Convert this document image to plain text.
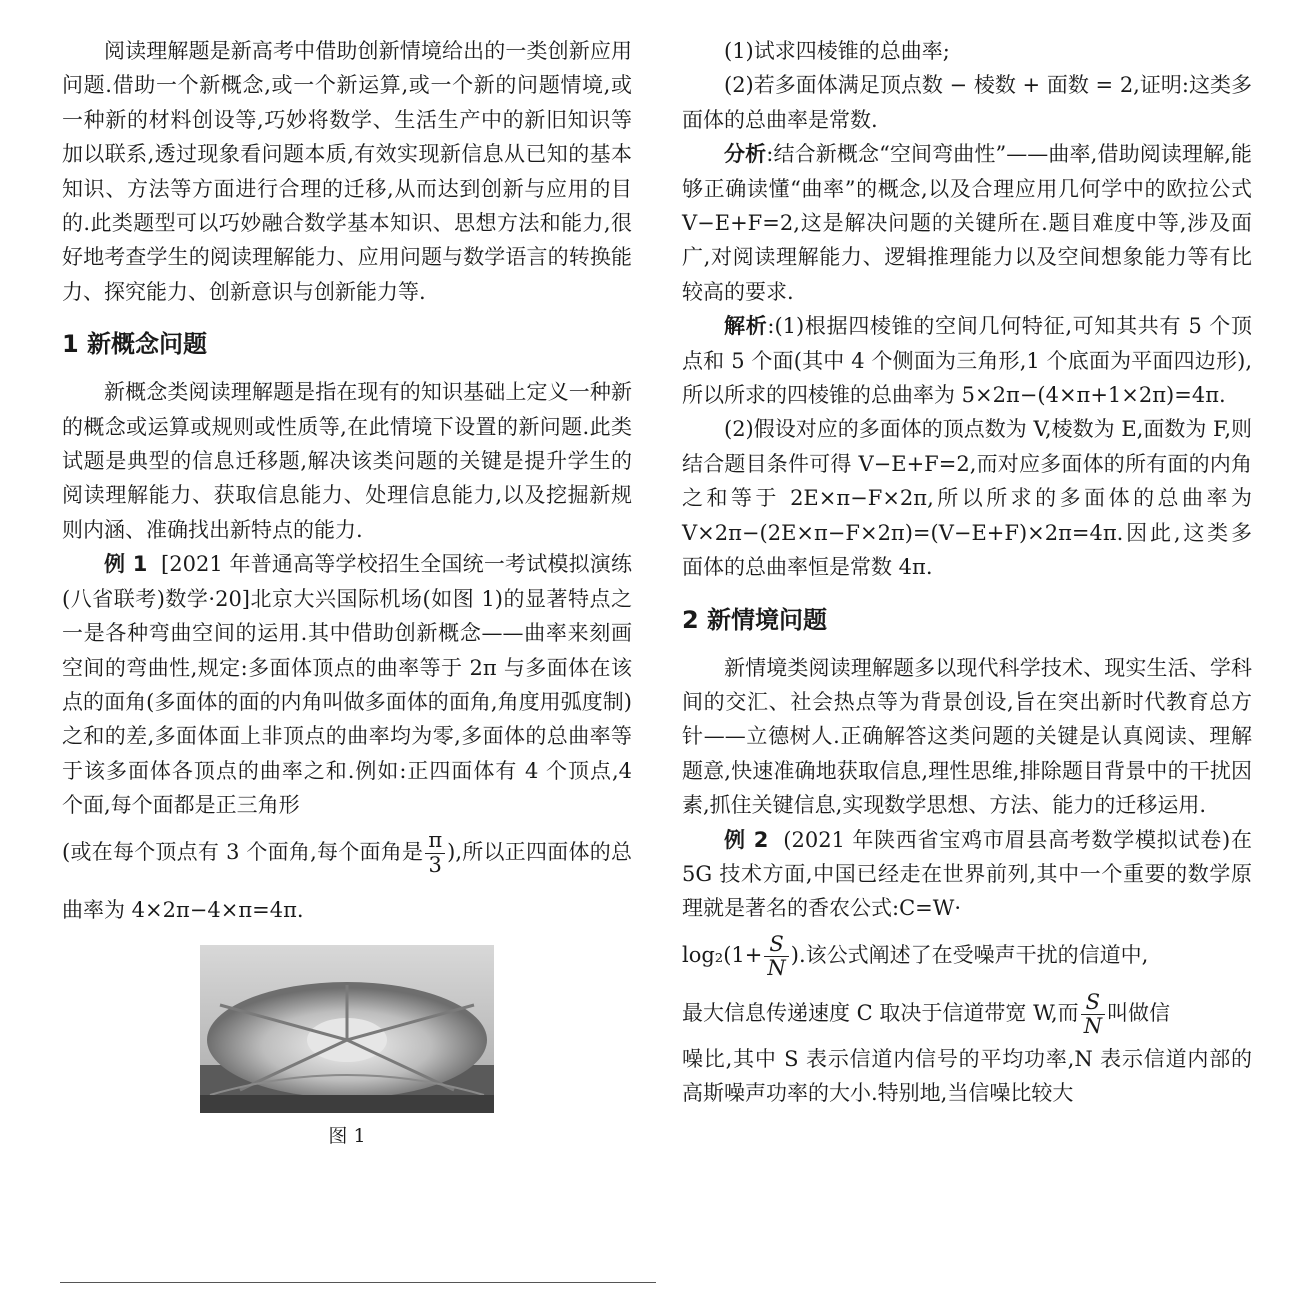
阅读理解题是新高考中借助创新情境给出的一类创新应用问题.借助一个新概念,或一个新运算,或一个新的问题情境,或一种新的材料创设等,巧妙将数学、生活生产中的新旧知识等加以联系,透过现象看问题本质,有效实现新信息从已知的基本知识、方法等方面进行合理的迁移,从而达到创新与应用的目的.此类题型可以巧妙融合数学基本知识、思想方法和能力,很好地考查学生的阅读理解能力、应用问题与数学语言的转换能力、探究能力、创新意识与创新能力等.

1 新概念问题

新概念类阅读理解题是指在现有的知识基础上定义一种新的概念或运算或规则或性质等,在此情境下设置的新问题.此类试题是典型的信息迁移题,解决该类问题的关键是提升学生的阅读理解能力、获取信息能力、处理信息能力,以及挖掘新规则内涵、准确找出新特点的能力.

例 1 [2021 年普通高等学校招生全国统一考试模拟演练(八省联考)数学·20]北京大兴国际机场(如图 1)的显著特点之一是各种弯曲空间的运用.其中借助创新概念——曲率来刻画空间的弯曲性,规定:多面体顶点的曲率等于 2π 与多面体在该点的面角(多面体的面的内角叫做多面体的面角,角度用弧度制)之和的差,多面体面上非顶点的曲率均为零,多面体的总曲率等于该多面体各顶点的曲率之和.例如:正四面体有 4 个顶点,4 个面,每个面都是正三角形

(或在每个顶点有 3 个面角,每个面角是 $\frac{\pi}{3}$ ),所以正四面体的总曲率为 4×2π−4×π=4π.

图 1

(1)试求四棱锥的总曲率;

(2)若多面体满足顶点数 − 棱数 + 面数 = 2,证明:这类多面体的总曲率是常数.

分析:结合新概念“空间弯曲性”——曲率,借助阅读理解,能够正确读懂“曲率”的概念,以及合理应用几何学中的欧拉公式 V−E+F=2,这是解决问题的关键所在.题目难度中等,涉及面广,对阅读理解能力、逻辑推理能力以及空间想象能力等有比较高的要求.

解析:(1)根据四棱锥的空间几何特征,可知其共有 5 个顶点和 5 个面(其中 4 个侧面为三角形,1 个底面为平面四边形),所以所求的四棱锥的总曲率为 5×2π−(4×π+1×2π)=4π.

(2)假设对应的多面体的顶点数为 V,棱数为 E,面数为 F,则结合题目条件可得 V−E+F=2,而对应多面体的所有面的内角之和等于 2E×π−F×2π,所以所求的多面体的总曲率为 V×2π−(2E×π−F×2π)=(V−E+F)×2π=4π.因此,这类多面体的总曲率恒是常数 4π.

2 新情境问题

新情境类阅读理解题多以现代科学技术、现实生活、学科间的交汇、社会热点等为背景创设,旨在突出新时代教育总方针——立德树人.正确解答这类问题的关键是认真阅读、理解题意,快速准确地获取信息,理性思维,排除题目背景中的干扰因素,抓住关键信息,实现数学思想、方法、能力的迁移运用.

例 2 (2021 年陕西省宝鸡市眉县高考数学模拟试卷)在 5G 技术方面,中国已经走在世界前列,其中一个重要的数学原理就是著名的香农公式:C=W·

$\log_2(1+ \frac{S}{N}$ ).该公式阐述了在受噪声干扰的信道中,

最大信息传递速度 C 取决于信道带宽 W,而 $\frac{S}{N}$ 叫做信

噪比,其中 S 表示信道内信号的平均功率,N 表示信道内部的高斯噪声功率的大小.特别地,当信噪比较大
